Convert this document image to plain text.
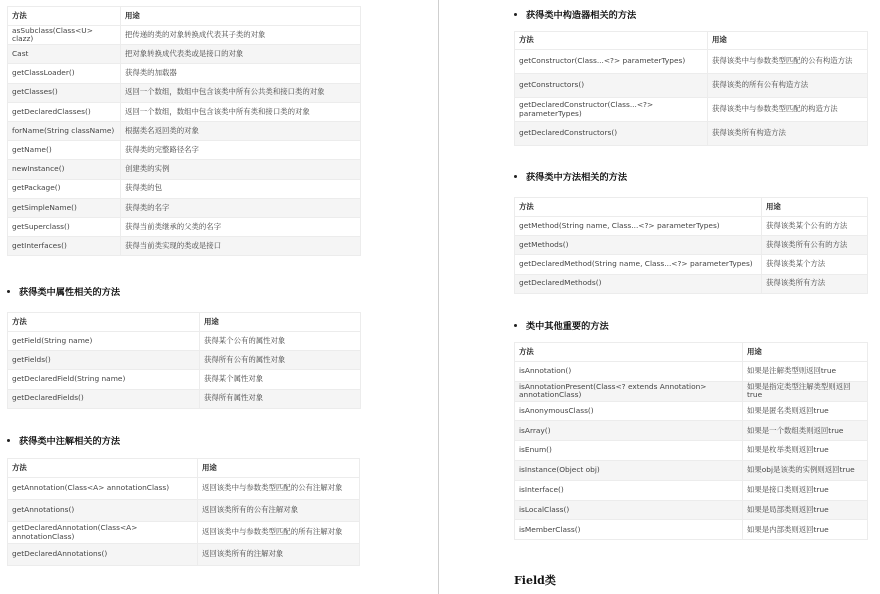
方法	用途
asSubclass(Class<U> clazz)	把传递的类的对象转换成代表其子类的对象
Cast	把对象转换成代表类或是接口的对象
getClassLoader()	获得类的加载器
getClasses()	返回一个数组，数组中包含该类中所有公共类和接口类的对象
getDeclaredClasses()	返回一个数组，数组中包含该类中所有类和接口类的对象
forName(String className)	根据类名返回类的对象
getName()	获得类的完整路径名字
newInstance()	创建类的实例
getPackage()	获得类的包
getSimpleName()	获得类的名字
getSuperclass()	获得当前类继承的父类的名字
getInterfaces()	获得当前类实现的类或是接口
获得类中属性相关的方法
方法	用途
getField(String name)	获得某个公有的属性对象
getFields()	获得所有公有的属性对象
getDeclaredField(String name)	获得某个属性对象
getDeclaredFields()	获得所有属性对象
获得类中注解相关的方法
方法	用途
getAnnotation(Class<A> annotationClass)	返回该类中与参数类型匹配的公有注解对象
getAnnotations()	返回该类所有的公有注解对象
getDeclaredAnnotation(Class<A> annotationClass)	返回该类中与参数类型匹配的所有注解对象
getDeclaredAnnotations()	返回该类所有的注解对象
获得类中构造器相关的方法
方法	用途
getConstructor(Class...<?> parameterTypes)	获得该类中与参数类型匹配的公有构造方法
getConstructors()	获得该类的所有公有构造方法
getDeclaredConstructor(Class...<?> parameterTypes)	获得该类中与参数类型匹配的构造方法
getDeclaredConstructors()	获得该类所有构造方法
获得类中方法相关的方法
方法	用途
getMethod(String name, Class...<?> parameterTypes)	获得该类某个公有的方法
getMethods()	获得该类所有公有的方法
getDeclaredMethod(String name, Class...<?> parameterTypes)	获得该类某个方法
getDeclaredMethods()	获得该类所有方法
类中其他重要的方法
方法	用途
isAnnotation()	如果是注解类型则返回true
isAnnotationPresent(Class<? extends Annotation> annotationClass)	如果是指定类型注解类型则返回true
isAnonymousClass()	如果是匿名类则返回true
isArray()	如果是一个数组类则返回true
isEnum()	如果是枚举类则返回true
isInstance(Object obj)	如果obj是该类的实例则返回true
isInterface()	如果是接口类则返回true
isLocalClass()	如果是局部类则返回true
isMemberClass()	如果是内部类则返回true
Field类
